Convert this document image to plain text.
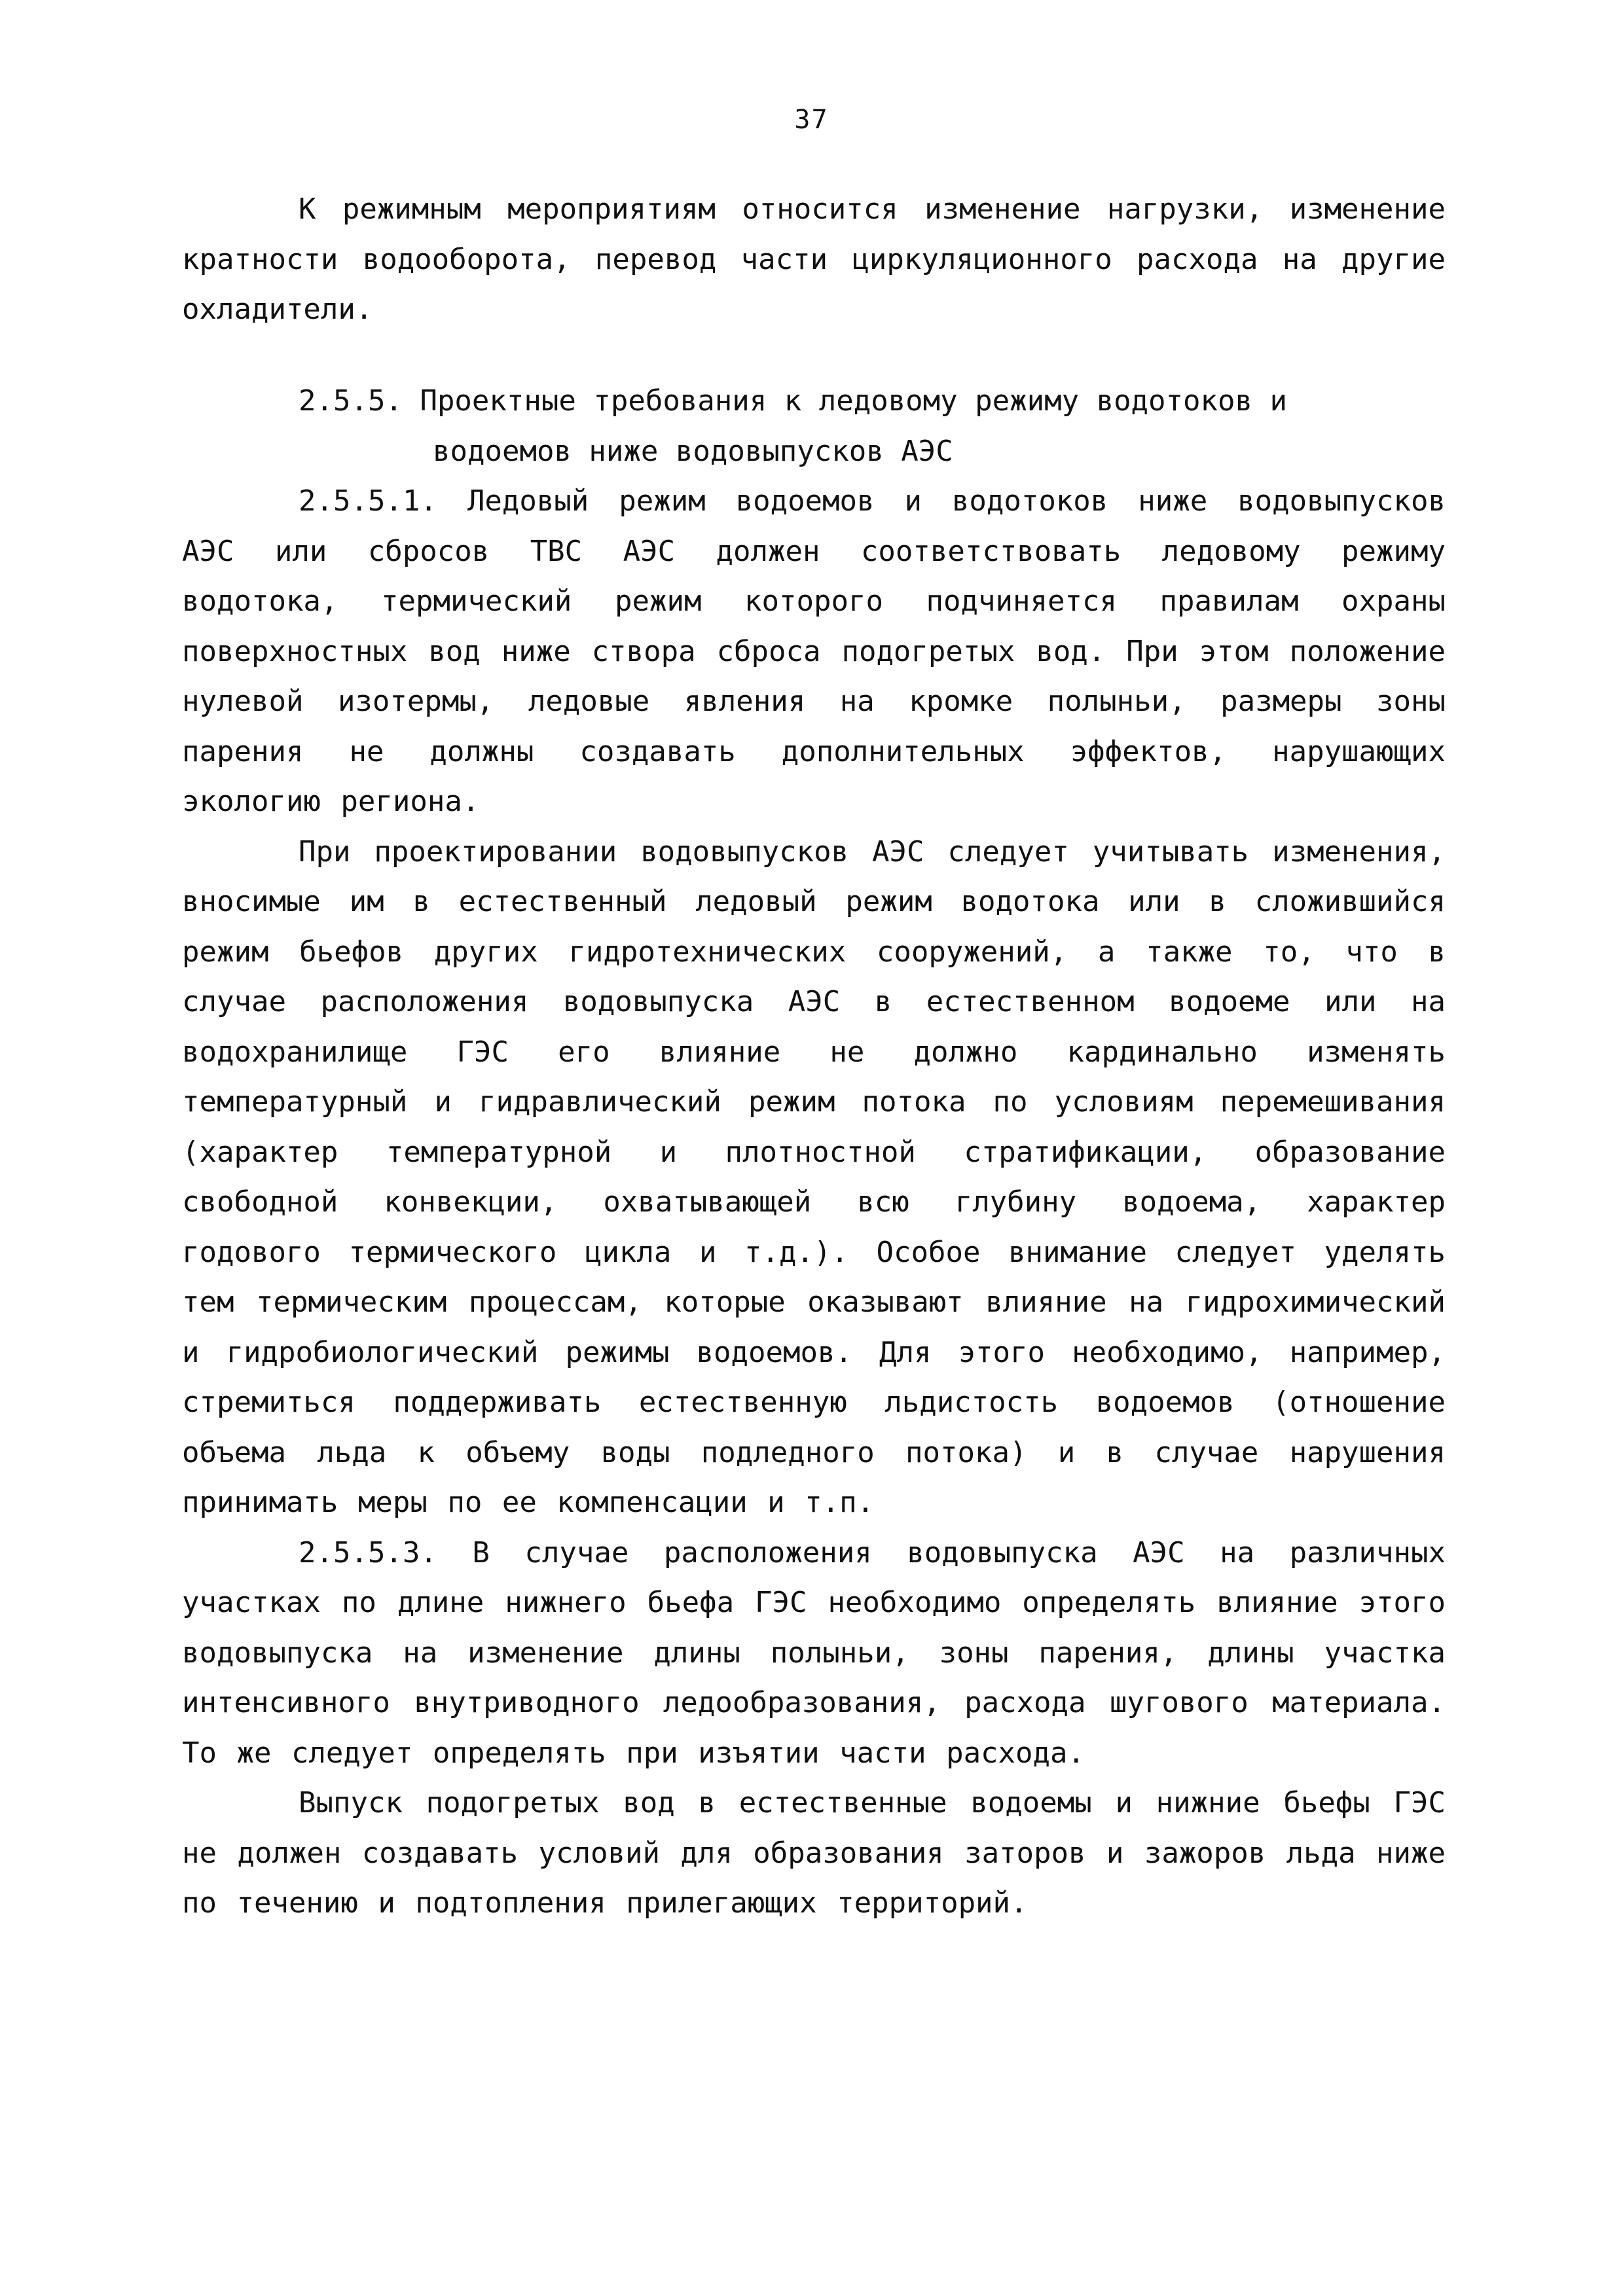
37

К режимным мероприятиям относится изменение нагрузки, изменение кратности водооборота, перевод части циркуляционного расхода на другие охладители.

2.5.5. Проектные требования к ледовому режиму водотоков и
водоемов ниже водовыпусков АЭС

2.5.5.1. Ледовый режим водоемов и водотоков ниже водовыпусков АЭС или сбросов ТВС АЭС должен соответствовать ледовому режиму водотока, термический режим которого подчиняется правилам охраны поверхностных вод ниже створа сброса подогретых вод. При этом положение нулевой изотермы, ледовые явления на кромке полыньи, размеры зоны парения не должны создавать дополнительных эффектов, нарушающих экологию региона.

При проектировании водовыпусков АЭС следует учитывать изменения, вносимые им в естественный ледовый режим водотока или в сложившийся режим бьефов других гидротехнических сооружений, а также то, что в случае расположения водовыпуска АЭС в естественном водоеме или на водохранилище ГЭС его влияние не должно кардинально изменять температурный и гидравлический режим потока по условиям перемешивания (характер температурной и плотностной стратификации, образование свободной конвекции, охватывающей всю глубину водоема, характер годового термического цикла и т.д.). Особое внимание следует уделять тем термическим процессам, которые оказывают влияние на гидрохимический и гидробиологический режимы водоемов. Для этого необходимо, например, стремиться поддерживать естественную льдистость водоемов (отношение объема льда к объему воды подледного потока) и в случае нарушения принимать меры по ее компенсации и т.п.

2.5.5.3. В случае расположения водовыпуска АЭС на различных участках по длине нижнего бьефа ГЭС необходимо определять влияние этого водовыпуска на изменение длины полыньи, зоны парения, длины участка интенсивного внутриводного ледообразования, расхода шугового материала. То же следует определять при изъятии части расхода.

Выпуск подогретых вод в естественные водоемы и нижние бьефы ГЭС не должен создавать условий для образования заторов и зажоров льда ниже по течению и подтопления прилегающих территорий.
